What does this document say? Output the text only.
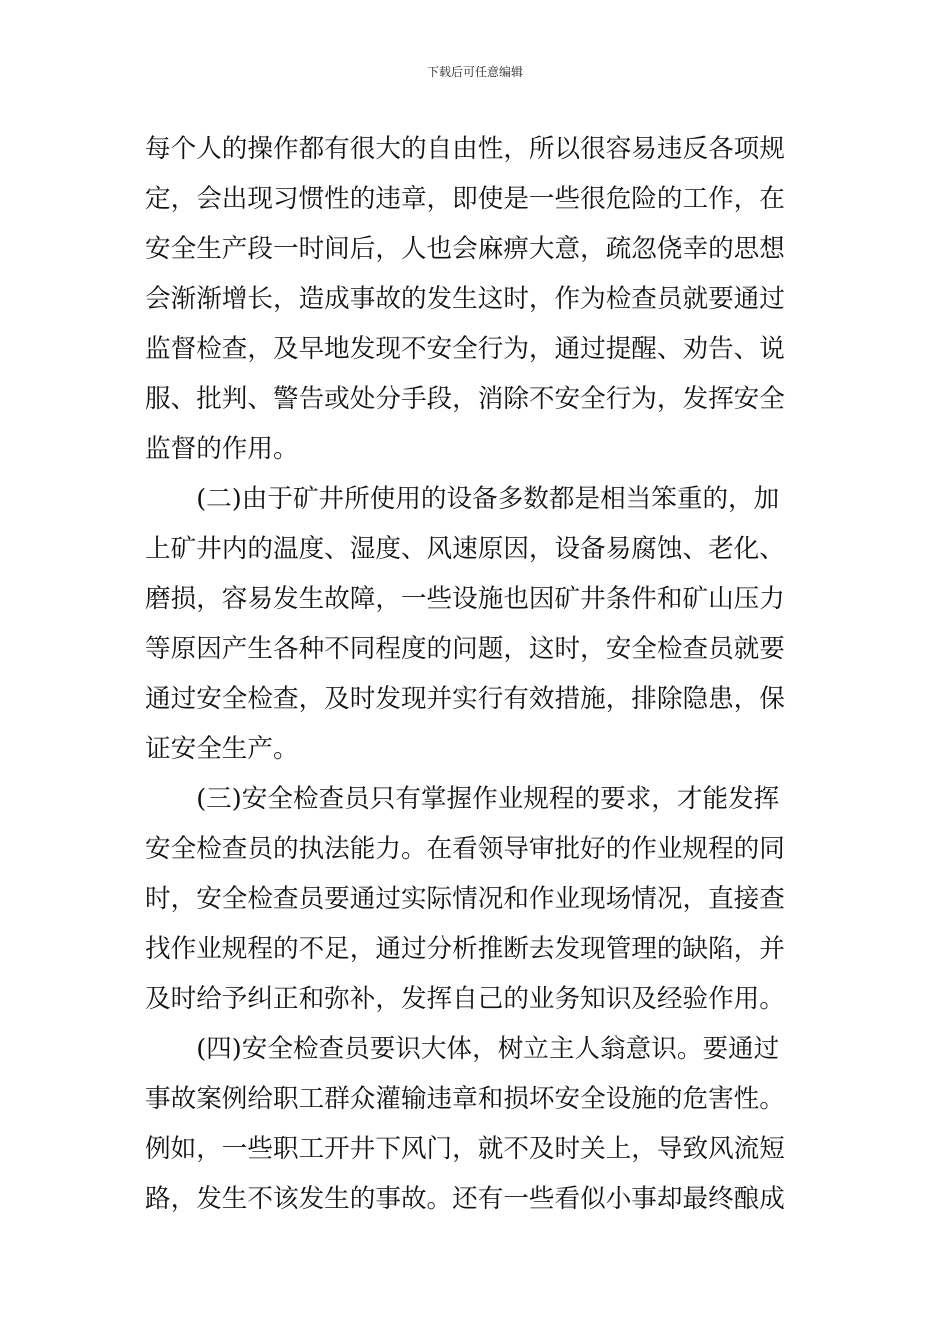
下载后可任意编辑
每个人的操作都有很大的自由性，所以很容易违反各项规
定，会出现习惯性的违章，即使是一些很危险的工作，在
安全生产段一时间后，人也会麻痹大意，疏忽侥幸的思想
会渐渐增长，造成事故的发生这时，作为检查员就要通过
监督检查，及早地发现不安全行为，通过提醒、劝告、说
服、批判、警告或处分手段，消除不安全行为，发挥安全
监督的作用。
　　(二)由于矿井所使用的设备多数都是相当笨重的，加
上矿井内的温度、湿度、风速原因，设备易腐蚀、老化、
磨损，容易发生故障，一些设施也因矿井条件和矿山压力
等原因产生各种不同程度的问题，这时，安全检查员就要
通过安全检查，及时发现并实行有效措施，排除隐患，保
证安全生产。
　　(三)安全检查员只有掌握作业规程的要求，才能发挥
安全检查员的执法能力。在看领导审批好的作业规程的同
时，安全检查员要通过实际情况和作业现场情况，直接查
找作业规程的不足，通过分析推断去发现管理的缺陷，并
及时给予纠正和弥补，发挥自己的业务知识及经验作用。
　　(四)安全检查员要识大体，树立主人翁意识。要通过
事故案例给职工群众灌输违章和损坏安全设施的危害性。
例如，一些职工开井下风门，就不及时关上，导致风流短
路，发生不该发生的事故。还有一些看似小事却最终酿成
